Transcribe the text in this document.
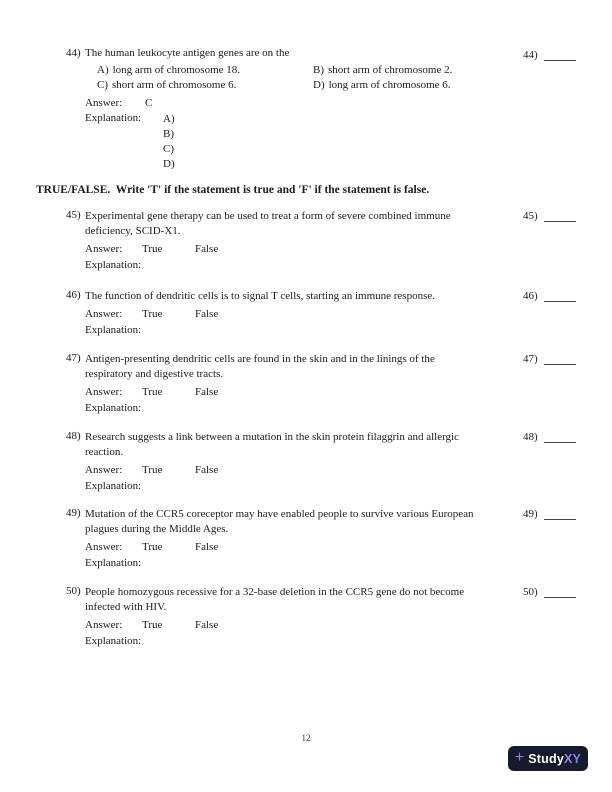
44) The human leukocyte antigen genes are on the
A) long arm of chromosome 18.	B) short arm of chromosome 2.
C) short arm of chromosome 6.	D) long arm of chromosome 6.
Answer: C
Explanation: A)
B)
C)
D)
44)
TRUE/FALSE.  Write 'T' if the statement is true and 'F' if the statement is false.
45) Experimental gene therapy can be used to treat a form of severe combined immune
deficiency, SCID-X1.
45)
Answer: True	False
Explanation:
46) The function of dendritic cells is to signal T cells, starting an immune response.	46)
Answer: True	False
Explanation:
47) Antigen-presenting dendritic cells are found in the skin and in the linings of the
respiratory and digestive tracts.
47)
Answer: True	False
Explanation:
48) Research suggests a link between a mutation in the skin protein filaggrin and allergic
reaction.
48)
Answer: True	False
Explanation:
49) Mutation of the CCR5 coreceptor may have enabled people to survive various European
plagues during the Middle Ages.
49)
Answer: True	False
Explanation:
50) People homozygous recessive for a 32-base deletion in the CCR5 gene do not become
infected with HIV.
50)
Answer: True	False
Explanation:
12
+ StudyXY
